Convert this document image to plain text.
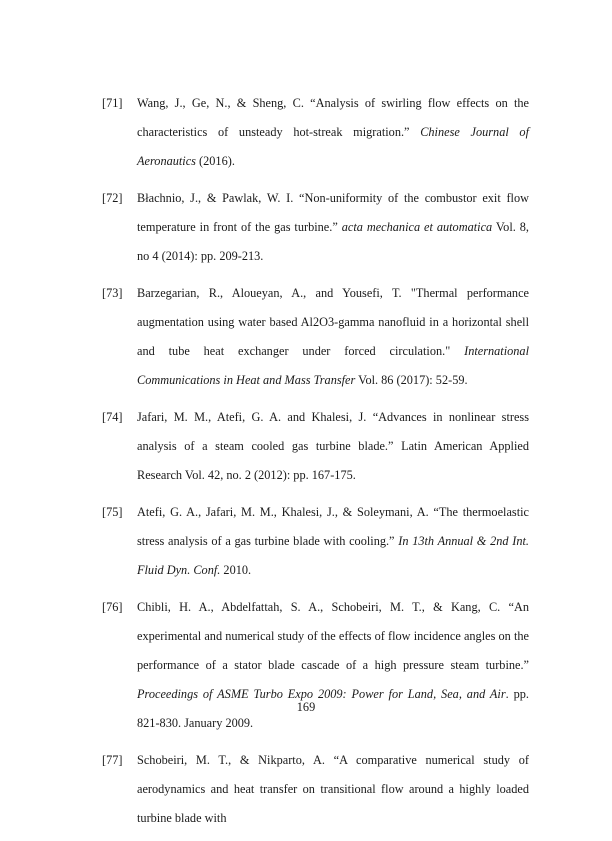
[71]	Wang, J., Ge, N., & Sheng, C. “Analysis of swirling flow effects on the characteristics of unsteady hot-streak migration.” Chinese Journal of Aeronautics (2016).
[72]	Błachnio, J., & Pawlak, W. I. “Non-uniformity of the combustor exit flow temperature in front of the gas turbine.” acta mechanica et automatica Vol. 8, no 4 (2014): pp. 209-213.
[73]	Barzegarian, R., Aloueyan, A., and Yousefi, T. "Thermal performance augmentation using water based Al2O3-gamma nanofluid in a horizontal shell and tube heat exchanger under forced circulation." International Communications in Heat and Mass Transfer Vol. 86 (2017): 52-59.
[74]	Jafari, M. M., Atefi, G. A. and Khalesi, J. “Advances in nonlinear stress analysis of a steam cooled gas turbine blade.” Latin American Applied Research Vol. 42, no. 2 (2012): pp. 167-175.
[75]	Atefi, G. A., Jafari, M. M., Khalesi, J., & Soleymani, A. “The thermoelastic stress analysis of a gas turbine blade with cooling.” In 13th Annual & 2nd Int. Fluid Dyn. Conf. 2010.
[76]	Chibli, H. A., Abdelfattah, S. A., Schobeiri, M. T., & Kang, C. “An experimental and numerical study of the effects of flow incidence angles on the performance of a stator blade cascade of a high pressure steam turbine.” Proceedings of ASME Turbo Expo 2009: Power for Land, Sea, and Air. pp. 821-830. January 2009.
[77]	Schobeiri, M. T., & Nikparto, A. “A comparative numerical study of aerodynamics and heat transfer on transitional flow around a highly loaded turbine blade with
169
